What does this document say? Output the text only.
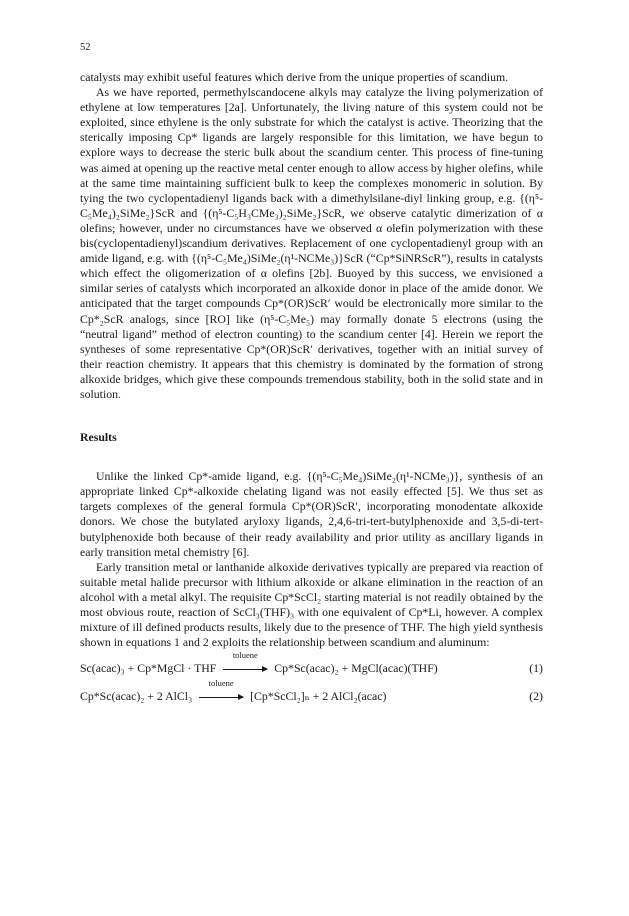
52

catalysts may exhibit useful features which derive from the unique properties of scandium.

As we have reported, permethylscandocene alkyls may catalyze the living polymerization of ethylene at low temperatures [2a]. Unfortunately, the living nature of this system could not be exploited, since ethylene is the only substrate for which the catalyst is active. Theorizing that the sterically imposing Cp* ligands are largely responsible for this limitation, we have begun to explore ways to decrease the steric bulk about the scandium center. This process of fine-tuning was aimed at opening up the reactive metal center enough to allow access by higher olefins, while at the same time maintaining sufficient bulk to keep the complexes monomeric in solution. By tying the two cyclopentadienyl ligands back with a dimethylsilane-diyl linking group, e.g. {(η⁵-C₅Me₄)₂SiMe₂}ScR and {(η⁵-C₅H₃CMe₃)₂SiMe₂}ScR, we observe catalytic dimerization of α olefins; however, under no circumstances have we observed α olefin polymerization with these bis(cyclopentadienyl)scandium derivatives. Replacement of one cyclopentadienyl group with an amide ligand, e.g. with {(η⁵-C₅Me₄)SiMe₂(η¹-NCMe₃)}ScR (“Cp*SiNRScR”), results in catalysts which effect the oligomerization of α olefins [2b]. Buoyed by this success, we envisioned a similar series of catalysts which incorporated an alkoxide donor in place of the amide donor. We anticipated that the target compounds Cp*(OR)ScR′ would be electronically more similar to the Cp*₂ScR analogs, since [RO] like (η⁵-C₅Me₅) may formally donate 5 electrons (using the “neutral ligand” method of electron counting) to the scandium center [4]. Herein we report the syntheses of some representative Cp*(OR)ScR′ derivatives, together with an initial survey of their reaction chemistry. It appears that this chemistry is dominated by the formation of strong alkoxide bridges, which give these compounds tremendous stability, both in the solid state and in solution.

Results

Unlike the linked Cp*-amide ligand, e.g. {(η⁵-C₅Me₄)SiMe₂(η¹-NCMe₃)}, synthesis of an appropriate linked Cp*-alkoxide chelating ligand was not easily effected [5]. We thus set as targets complexes of the general formula Cp*(OR)ScR′, incorporating monodentate alkoxide donors. We chose the butylated aryloxy ligands, 2,4,6-tri-tert-butylphenoxide and 3,5-di-tert-butylphenoxide both because of their ready availability and prior utility as ancillary ligands in early transition metal chemistry [6].

Early transition metal or lanthanide alkoxide derivatives typically are prepared via reaction of suitable metal halide precursor with lithium alkoxide or alkane elimination in the reaction of an alcohol with a metal alkyl. The requisite Cp*ScCl₂ starting material is not readily obtained by the most obvious route, reaction of ScCl₃(THF)₃ with one equivalent of Cp*Li, however. A complex mixture of ill defined products results, likely due to the presence of THF. The high yield synthesis shown in equations 1 and 2 exploits the relationship between scandium and aluminum:

Sc(acac)₃ + Cp*MgCl · THF
toluene
Cp*Sc(acac)₂ + MgCl(acac)(THF)	(1)
Cp*Sc(acac)₂ + 2 AlCl₃
toluene
[Cp*ScCl₂]ₙ + 2 AlCl₂(acac)	(2)
